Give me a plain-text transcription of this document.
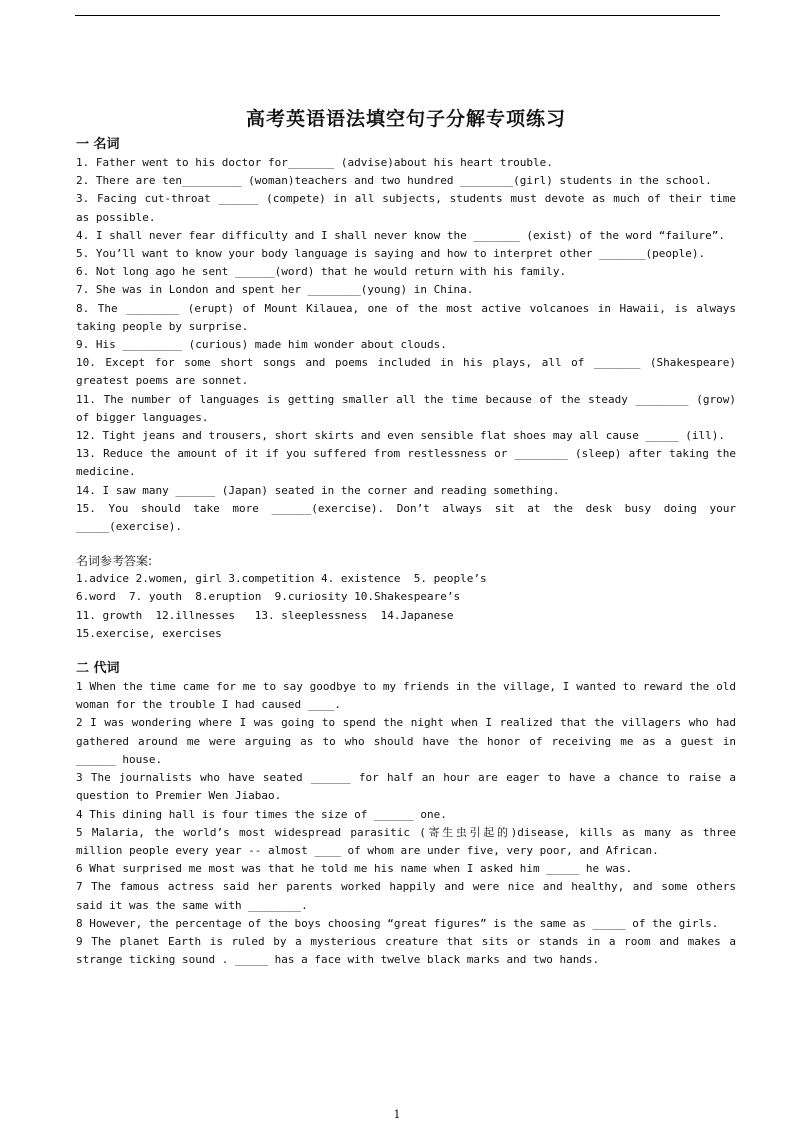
高考英语语法填空句子分解专项练习

一 名词

1. Father went to his doctor for_______ (advise)about his heart trouble.

2. There are ten_________ (woman)teachers and two hundred ________(girl) students in the school.

3. Facing cut-throat ______ (compete) in all subjects, students must devote as much of their time as possible.

4. I shall never fear difficulty and I shall never know the _______ (exist) of the word “failure”.

5. You’ll want to know your body language is saying and how to interpret other _______(people).

6. Not long ago he sent ______(word) that he would return with his family.

7. She was in London and spent her ________(young) in China.

8. The ________ (erupt) of Mount Kilauea, one of the most active volcanoes in Hawaii, is always taking people by surprise.

9. His _________ (curious) made him wonder about clouds.

10. Except for some short songs and poems included in his plays, all of _______ (Shakespeare) greatest poems are sonnet.

11. The number of languages is getting smaller all the time because of the steady ________ (grow) of bigger languages.

12. Tight jeans and trousers, short skirts and even sensible flat shoes may all cause _____ (ill).

13. Reduce the amount of it if you suffered from restlessness or ________ (sleep) after taking the medicine.

14. I saw many ______ (Japan) seated in the corner and reading something.

15. You should take more ______(exercise). Don’t always sit at the desk busy doing your _____(exercise).

名词参考答案:

1.advice 2.women, girl 3.competition 4. existence  5. people’s

6.word  7. youth  8.eruption  9.curiosity 10.Shakespeare’s

11. growth  12.illnesses   13. sleeplessness  14.Japanese

15.exercise, exercises

二 代词

1 When the time came for me to say goodbye to my friends in the village, I wanted to reward the old woman for the trouble I had caused ____.

2 I was wondering where I was going to spend the night when I realized that the villagers who had gathered around me were arguing as to who should have the honor of receiving me as a guest in ______ house.

3 The journalists who have seated ______ for half an hour are eager to have a chance to raise a question to Premier Wen Jiabao.

4 This dining hall is four times the size of ______ one.

5 Malaria, the world’s most widespread parasitic (寄生虫引起的)disease, kills as many as three million people every year -- almost ____ of whom are under five, very poor, and African.

6 What surprised me most was that he told me his name when I asked him _____ he was.

7 The famous actress said her parents worked happily and were nice and healthy, and some others said it was the same with ________.

8 However, the percentage of the boys choosing “great figures” is the same as _____ of the girls.

9 The planet Earth is ruled by a mysterious creature that sits or stands in a room and makes a strange ticking sound . _____ has a face with twelve black marks and two hands.

1
